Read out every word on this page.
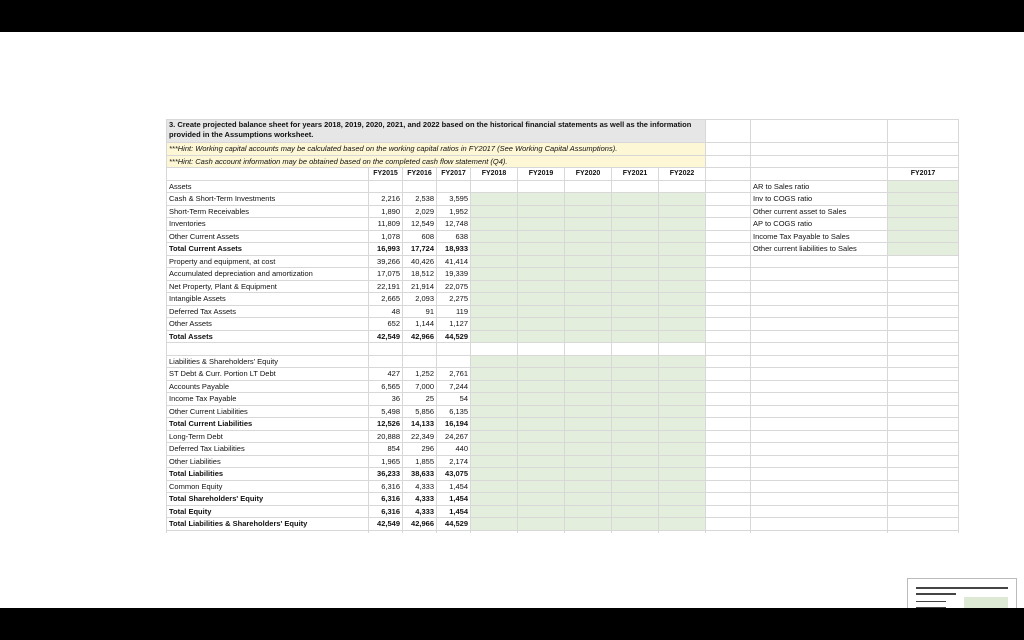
3. Create projected balance sheet for years 2018, 2019, 2020, 2021, and 2022 based on the historical financial statements as well as the information provided in the Assumptions worksheet.											
***Hint: Working capital accounts may be calculated based on the working capital ratios in FY2017 (See Working Capital Assumptions).											
***Hint: Cash account information may be obtained based on the completed cash flow statement (Q4).											
	FY2015	FY2016	FY2017	FY2018	FY2019	FY2020	FY2021	FY2022			FY2017
Assets										AR to Sales ratio	
Cash & Short-Term Investments	2,216	2,538	3,595							Inv to COGS ratio	
Short-Term Receivables	1,890	2,029	1,952							Other current asset to Sales	
Inventories	11,809	12,549	12,748							AP to COGS ratio	
Other Current Assets	1,078	608	638							Income Tax Payable to Sales	
Total Current Assets	16,993	17,724	18,933							Other current liabilities to Sales	
Property and equipment, at cost	39,266	40,426	41,414								
Accumulated depreciation and amortization	17,075	18,512	19,339								
Net Property, Plant & Equipment	22,191	21,914	22,075								
Intangible Assets	2,665	2,093	2,275								
Deferred Tax Assets	48	91	119								
Other Assets	652	1,144	1,127								
Total Assets	42,549	42,966	44,529								

Liabilities & Shareholders' Equity											
ST Debt & Curr. Portion LT Debt	427	1,252	2,761								
Accounts Payable	6,565	7,000	7,244								
Income Tax Payable	36	25	54								
Other Current Liabilities	5,498	5,856	6,135								
Total Current Liabilities	12,526	14,133	16,194								
Long-Term Debt	20,888	22,349	24,267								
Deferred Tax Liabilities	854	296	440								
Other Liabilities	1,965	1,855	2,174								
Total Liabilities	36,233	38,633	43,075								
Common Equity	6,316	4,333	1,454								
Total Shareholders' Equity	6,316	4,333	1,454								
Total Equity	6,316	4,333	1,454								
Total Liabilities & Shareholders' Equity	42,549	42,966	44,529								
